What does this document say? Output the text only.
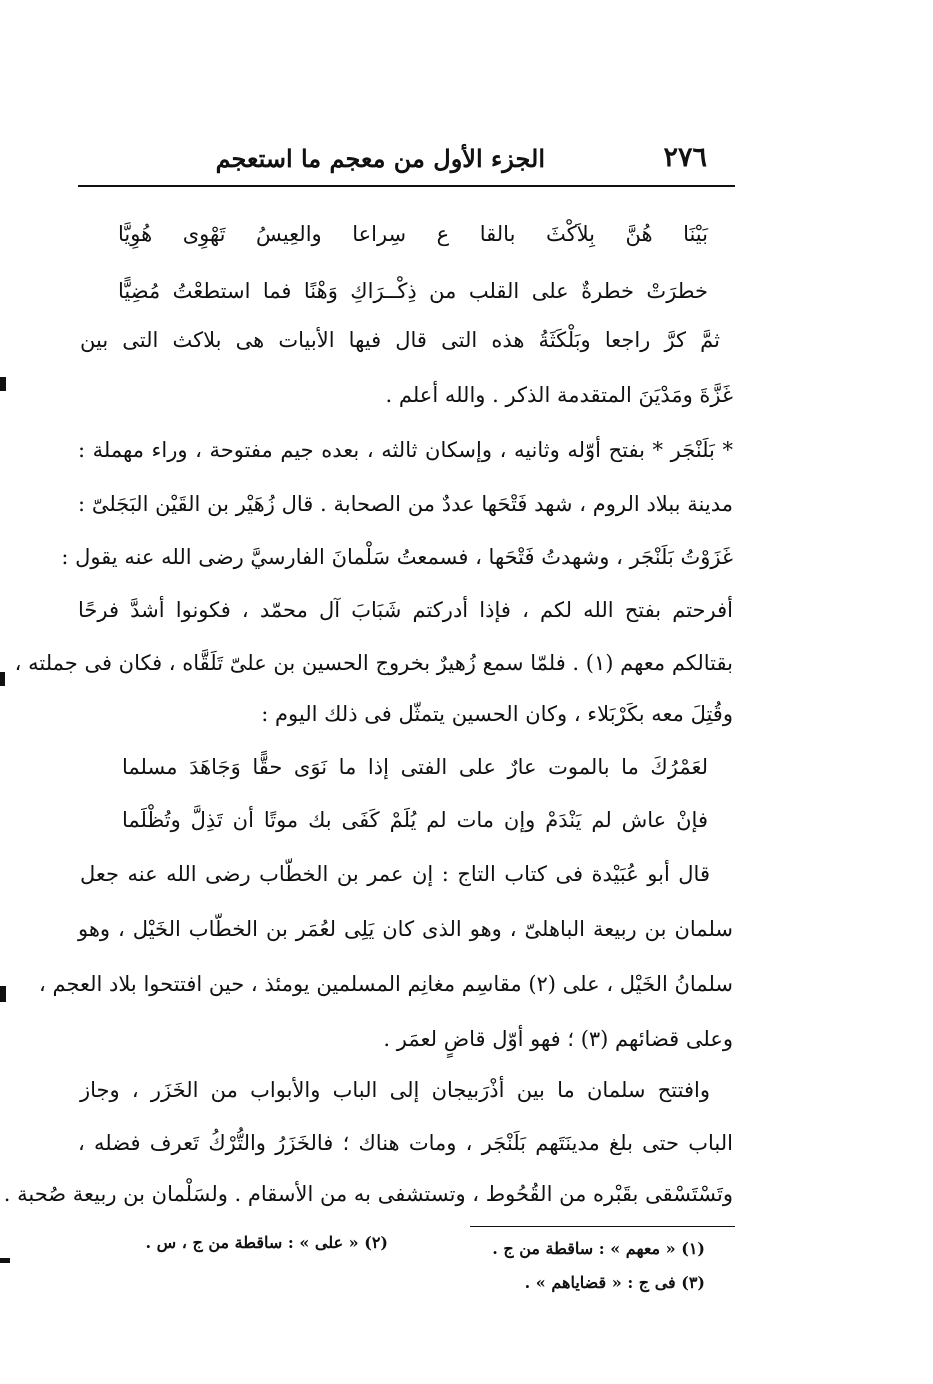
٢٧٦
الجزء الأول من معجم ما استعجم
بَيْنَا هُنَّ بِلاَكْثَ بالقا ع سِراعا والعِيسُ تَهْوِى هُوِيَّا
خطرَتْ خطرةٌ على القلب من ذِكْــرَاكِ وَهْنًا فما استطعْتُ مُضِيًّا
ثمَّ كرَّ راجعا وبَلْكَثَةُ هذه التى قال فيها الأبيات هى بلاكث التى بين
غَزَّةَ ومَدْيَنَ المتقدمة الذكر . والله أعلم .
* بَلَنْجَر * بفتح أوّله وثانيه ، وإسكان ثالثه ، بعده جيم مفتوحة ، وراء مهملة :
مدينة ببلاد الروم ، شهد فَتْحَها عددٌ من الصحابة . قال زُهَيْر بن القَيْن البَجَلىّ :
غَزَوْتُ بَلَنْجَر ، وشهدتُ فَتْحَها ، فسمعتُ سَلْمانَ الفارسيَّ رضى الله عنه يقول :
أفرحتم بفتح الله لكم ، فإذا أدركتم شَبَابَ آل محمّد ، فكونوا أشدَّ فرحًا
بقتالكم معهم (١) . فلمّا سمع زُهيرٌ بخروج الحسين بن علىّ تَلَقَّاه ، فكان فى جملته ،
وقُتِلَ معه بكَرْبَلاء ، وكان الحسين يتمثّل فى ذلك اليوم :
لعَمْرُكَ ما بالموت عارٌ على الفتى إذا ما نَوَى حقًّا وَجَاهَدَ مسلما
فإنْ عاش لم يَنْدَمْ وإن مات لم يُلَمْ كَفَى بك موتًا أن تَذِلَّ وتُظْلَما
قال أبو عُبَيْدة فى كتاب التاج : إن عمر بن الخطّاب رضى الله عنه جعل
سلمان بن ربيعة الباهلىّ ، وهو الذى كان يَلِى لعُمَر بن الخطّاب الخَيْل ، وهو
سلمانُ الخَيْل ، على (٢) مقاسِم مغانِم المسلمين يومئذ ، حين افتتحوا بلاد العجم ،
وعلى قضائهم (٣) ؛ فهو أوّل قاضٍ لعمَر .
وافتتح سلمان ما بين أذْرَبيجان إلى الباب والأبواب من الخَزَر ، وجاز
الباب حتى بلغ مدينَتَهم بَلَنْجَر ، ومات هناك ؛ فالخَزَرُ والتُّرْكُ تَعرف فضله ،
وتَسْتَسْقى بقَبْره من القُحُوط ، وتستشفى به من الأسقام . ولسَلْمان بن ربيعة صُحبة .
(١) « معهم » : ساقطة من ج .
(٢) « على » : ساقطة من ج ، س .
(٣) فى ج : « قضاياهم » .
